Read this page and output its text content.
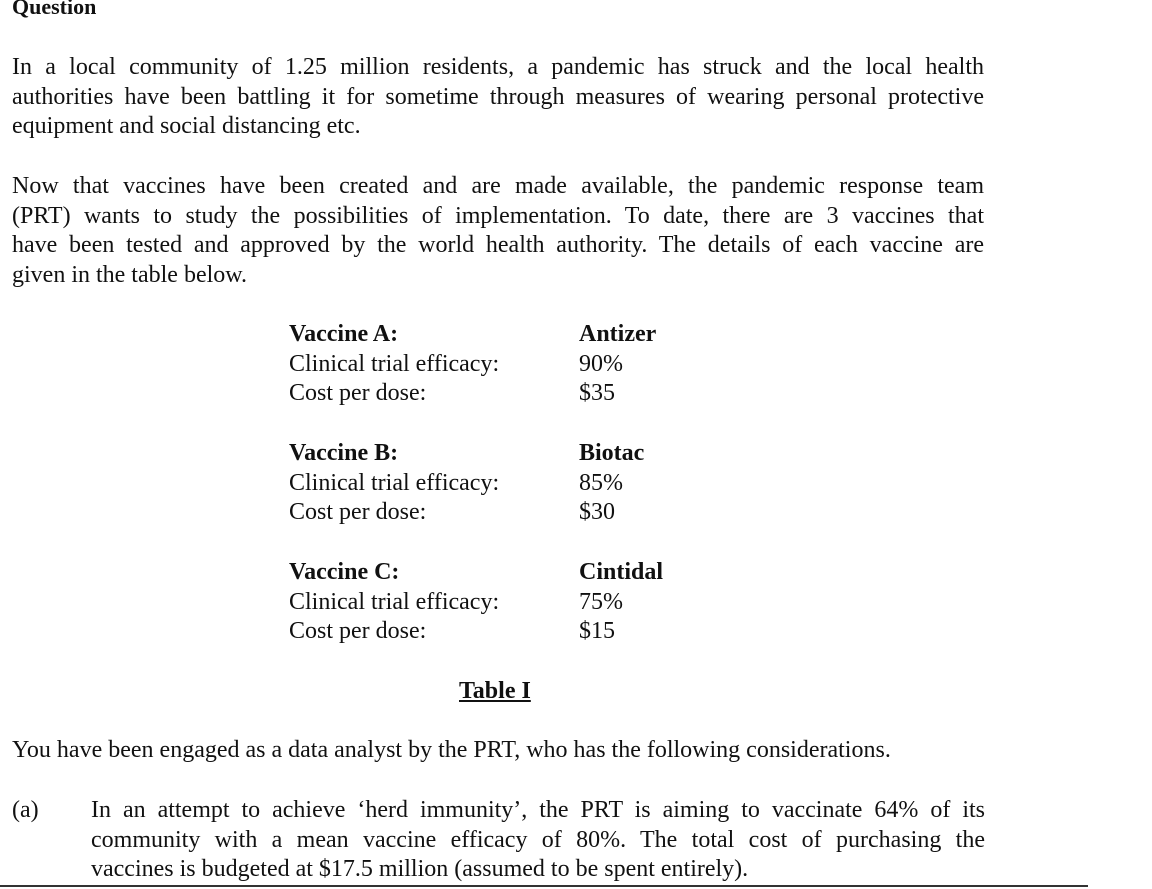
Question
In a local community of 1.25 million residents, a pandemic has struck and the local health
authorities have been battling it for sometime through measures of wearing personal protective
equipment and social distancing etc.
Now that vaccines have been created and are made available, the pandemic response team
(PRT) wants to study the possibilities of implementation. To date, there are 3 vaccines that
have been tested and approved by the world health authority. The details of each vaccine are
given in the table below.
Vaccine A:	Antizer
Clinical trial efficacy:	90%
Cost per dose:	$35
Vaccine B:	Biotac
Clinical trial efficacy:	85%
Cost per dose:	$30
Vaccine C:	Cintidal
Clinical trial efficacy:	75%
Cost per dose:	$15
Table I
You have been engaged as a data analyst by the PRT, who has the following considerations.
(a) In an attempt to achieve ‘herd immunity’, the PRT is aiming to vaccinate 64% of its
community with a mean vaccine efficacy of 80%. The total cost of purchasing the
vaccines is budgeted at $17.5 million (assumed to be spent entirely).
